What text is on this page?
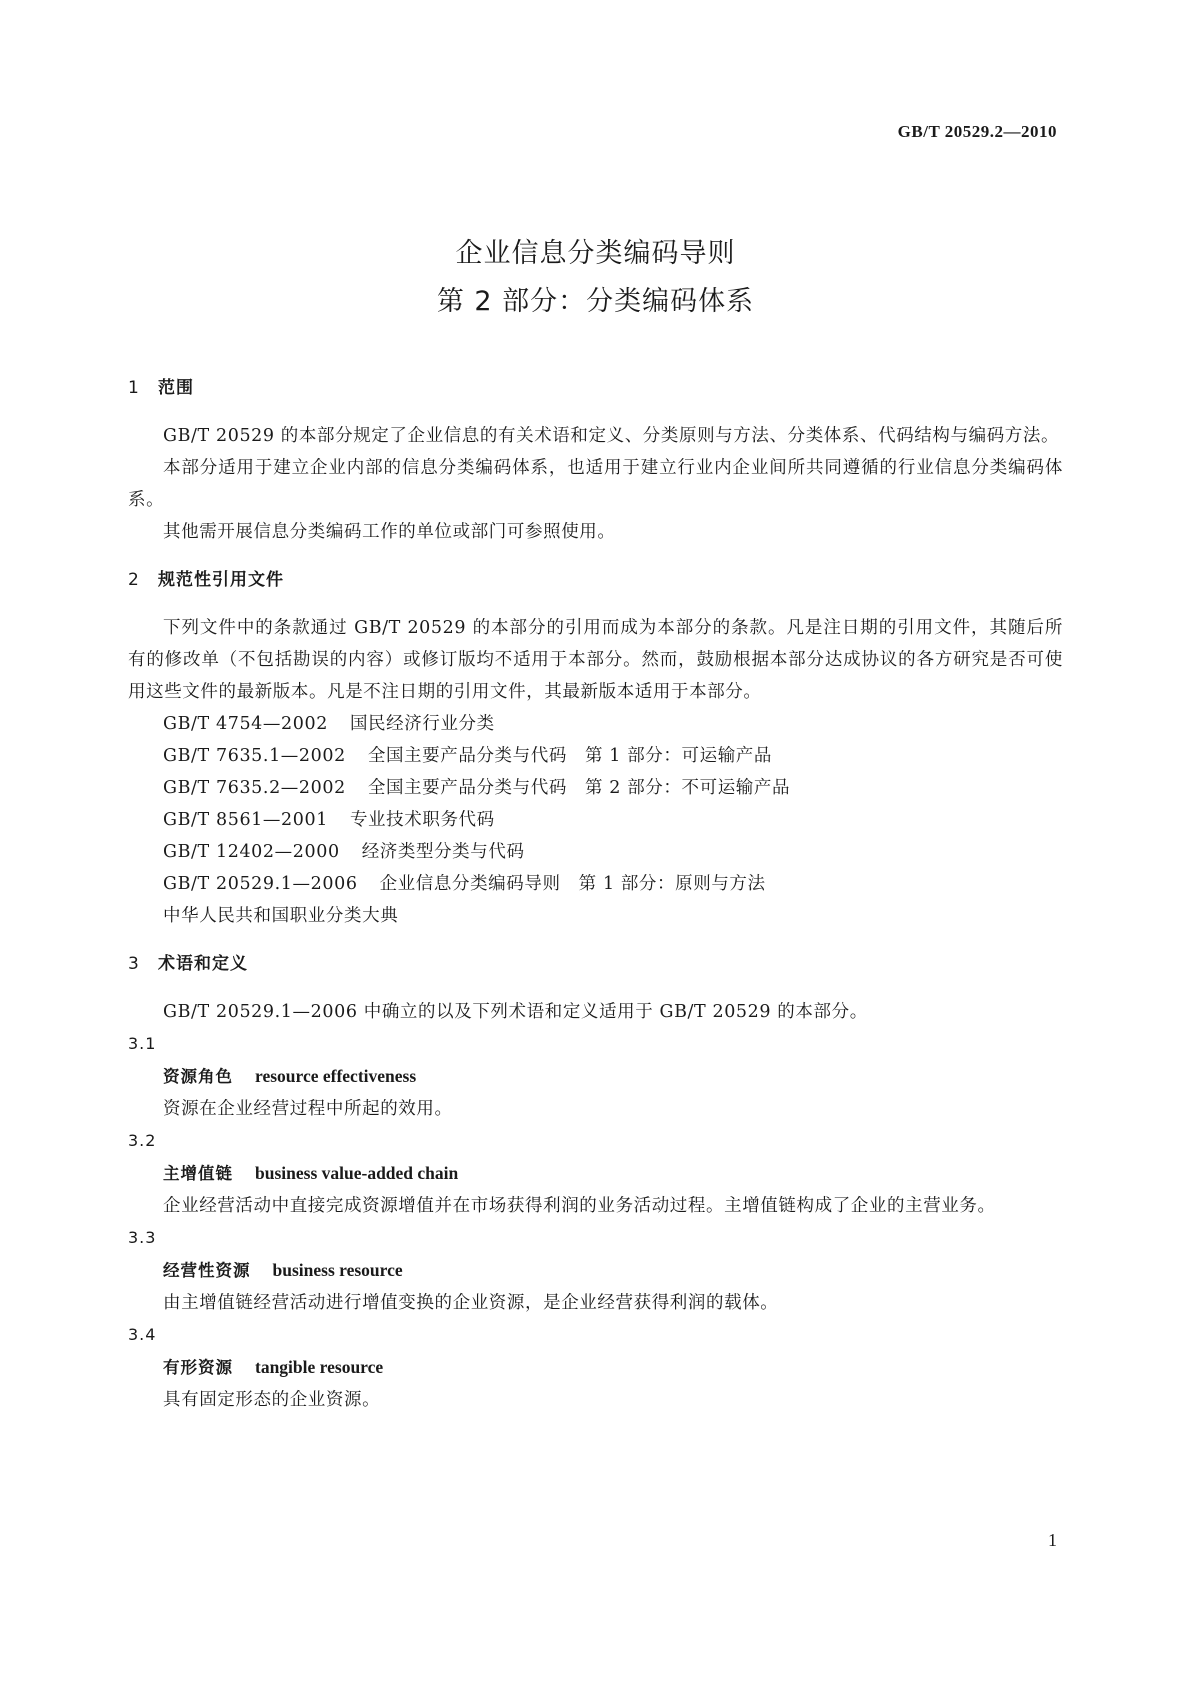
GB/T 20529.2—2010
企业信息分类编码导则
第 2 部分：分类编码体系
1 范围

GB/T 20529 的本部分规定了企业信息的有关术语和定义、分类原则与方法、分类体系、代码结构与编码方法。

本部分适用于建立企业内部的信息分类编码体系，也适用于建立行业内企业间所共同遵循的行业信息分类编码体系。

其他需开展信息分类编码工作的单位或部门可参照使用。

2 规范性引用文件

下列文件中的条款通过 GB/T 20529 的本部分的引用而成为本部分的条款。凡是注日期的引用文件，其随后所有的修改单（不包括勘误的内容）或修订版均不适用于本部分。然而，鼓励根据本部分达成协议的各方研究是否可使用这些文件的最新版本。凡是不注日期的引用文件，其最新版本适用于本部分。

GB/T 4754—2002 国民经济行业分类

GB/T 7635.1—2002 全国主要产品分类与代码　第 1 部分：可运输产品

GB/T 7635.2—2002 全国主要产品分类与代码　第 2 部分：不可运输产品

GB/T 8561—2001 专业技术职务代码

GB/T 12402—2000 经济类型分类与代码

GB/T 20529.1—2006 企业信息分类编码导则　第 1 部分：原则与方法

中华人民共和国职业分类大典

3 术语和定义

GB/T 20529.1—2006 中确立的以及下列术语和定义适用于 GB/T 20529 的本部分。

3.1

资源角色 resource effectiveness

资源在企业经营过程中所起的效用。

3.2

主增值链 business value-added chain

企业经营活动中直接完成资源增值并在市场获得利润的业务活动过程。主增值链构成了企业的主营业务。

3.3

经营性资源 business resource

由主增值链经营活动进行增值变换的企业资源，是企业经营获得利润的载体。

3.4

有形资源 tangible resource

具有固定形态的企业资源。

1
